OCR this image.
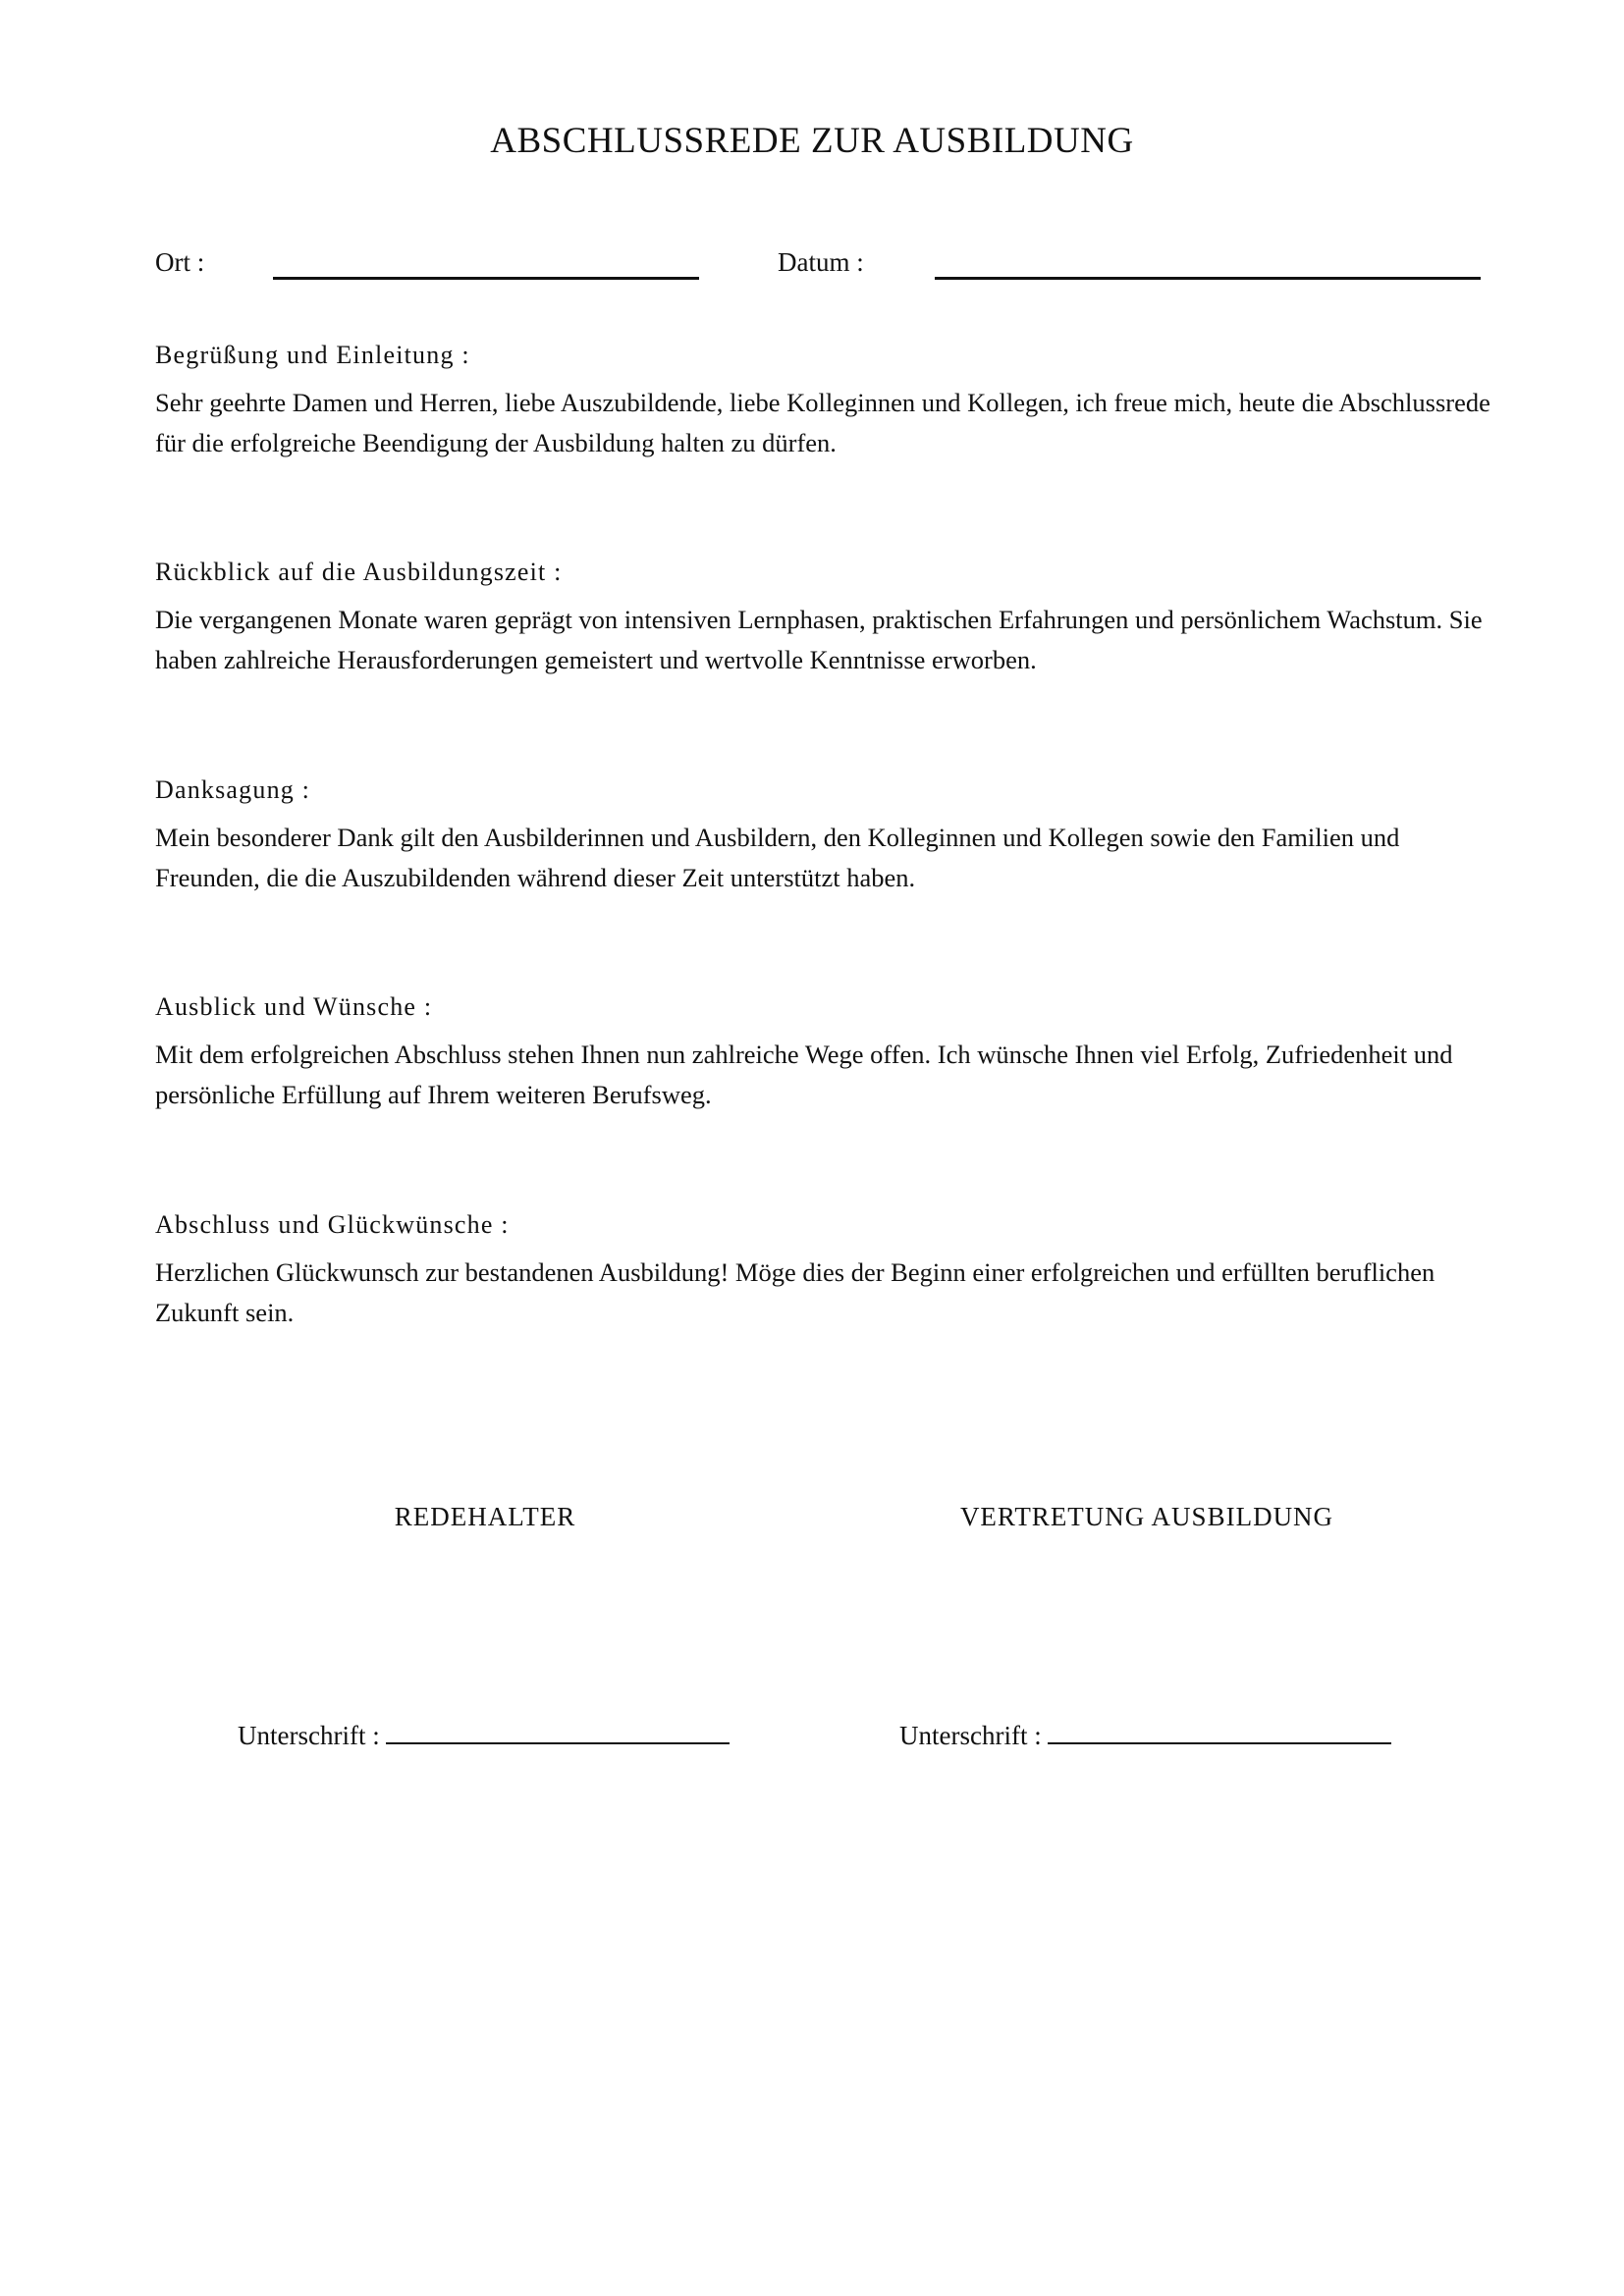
ABSCHLUSSREDE ZUR AUSBILDUNG
Ort :	Datum :

Begrüßung und Einleitung :

Sehr geehrte Damen und Herren, liebe Auszubildende, liebe Kolleginnen und Kollegen, ich freue mich, heute die Abschlussrede für die erfolgreiche Beendigung der Ausbildung halten zu dürfen.

Rückblick auf die Ausbildungszeit :

Die vergangenen Monate waren geprägt von intensiven Lernphasen, praktischen Erfahrungen und persönlichem Wachstum. Sie haben zahlreiche Herausforderungen gemeistert und wertvolle Kenntnisse erworben.

Danksagung :

Mein besonderer Dank gilt den Ausbilderinnen und Ausbildern, den Kolleginnen und Kollegen sowie den Familien und Freunden, die die Auszubildenden während dieser Zeit unterstützt haben.

Ausblick und Wünsche :

Mit dem erfolgreichen Abschluss stehen Ihnen nun zahlreiche Wege offen. Ich wünsche Ihnen viel Erfolg, Zufriedenheit und persönliche Erfüllung auf Ihrem weiteren Berufsweg.

Abschluss und Glückwünsche :

Herzlichen Glückwunsch zur bestandenen Ausbildung! Möge dies der Beginn einer erfolgreichen und erfüllten beruflichen Zukunft sein.

REDEHALTER	VERTRETUNG AUSBILDUNG
Unterschrift :	Unterschrift :
